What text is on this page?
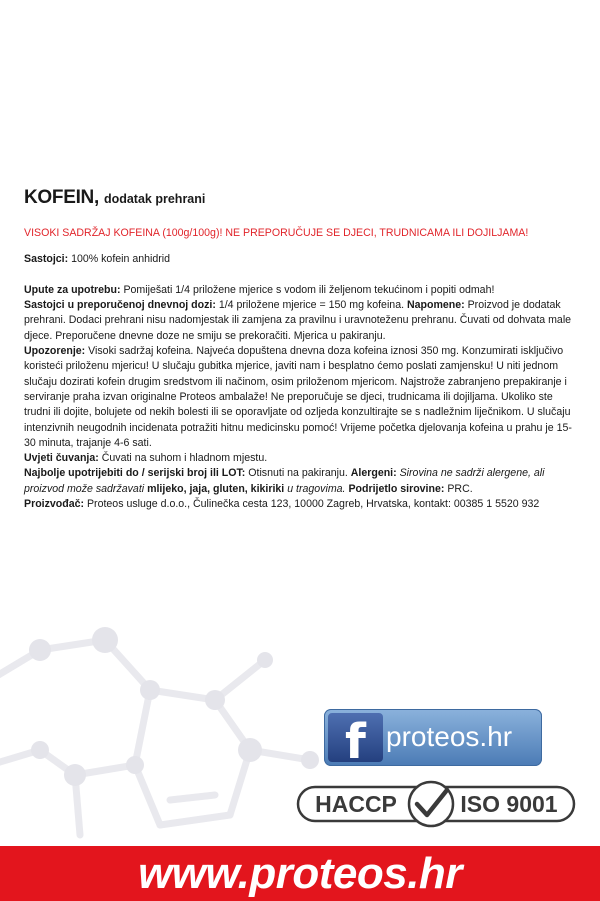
KOFEIN, dodatak prehrani

VISOKI SADRŽAJ KOFEINA (100g/100g)! NE PREPORUČUJE SE DJECI, TRUDNICAMA ILI DOJILJAMA!

Sastojci: 100% kofein anhidrid

Upute za upotrebu: Pomiješati 1/4 priložene mjerice s vodom ili željenom tekućinom i popiti odmah!

Sastojci u preporučenoj dnevnoj dozi: 1/4 priložene mjerice = 150 mg kofeina. Napomene: Proizvod je dodatak prehrani. Dodaci prehrani nisu nadomjestak ili zamjena za pravilnu i uravnoteženu prehranu. Čuvati od dohvata male djece. Preporučene dnevne doze ne smiju se prekoračiti. Mjerica u pakiranju.

Upozorenje: Visoki sadržaj kofeina. Najveća dopuštena dnevna doza kofeina iznosi 350 mg. Konzumirati isključivo koristeći priloženu mjericu! U slučaju gubitka mjerice, javiti nam i besplatno ćemo poslati zamjensku! U niti jednom slučaju dozirati kofein drugim sredstvom ili načinom, osim priloženom mjericom. Najstrože zabranjeno prepakiranje i serviranje praha izvan originalne Proteos ambalaže! Ne preporučuje se djeci, trudnicama ili dojiljama. Ukoliko ste trudni ili dojite, bolujete od nekih bolesti ili se oporavljate od ozljeda konzultirajte se s nadležnim liječnikom. U slučaju intenzivnih neugodnih incidenata potražiti hitnu medicinsku pomoć! Vrijeme početka djelovanja kofeina u prahu je 15-30 minuta, trajanje 4-6 sati.

Uvjeti čuvanja: Čuvati na suhom i hladnom mjestu.

Najbolje upotrijebiti do / serijski broj ili LOT: Otisnuti na pakiranju. Alergeni: Sirovina ne sadrži alergene, ali proizvod može sadržavati mlijeko, jaja, gluten, kikiriki u tragovima. Podrijetlo sirovine: PRC.

Proizvođač: Proteos usluge d.o.o., Čulinečka cesta 123, 10000 Zagreb, Hrvatska, kontakt: 00385 1 5520 932

f proteos.hr
HACCP	ISO 9001
www.proteos.hr
